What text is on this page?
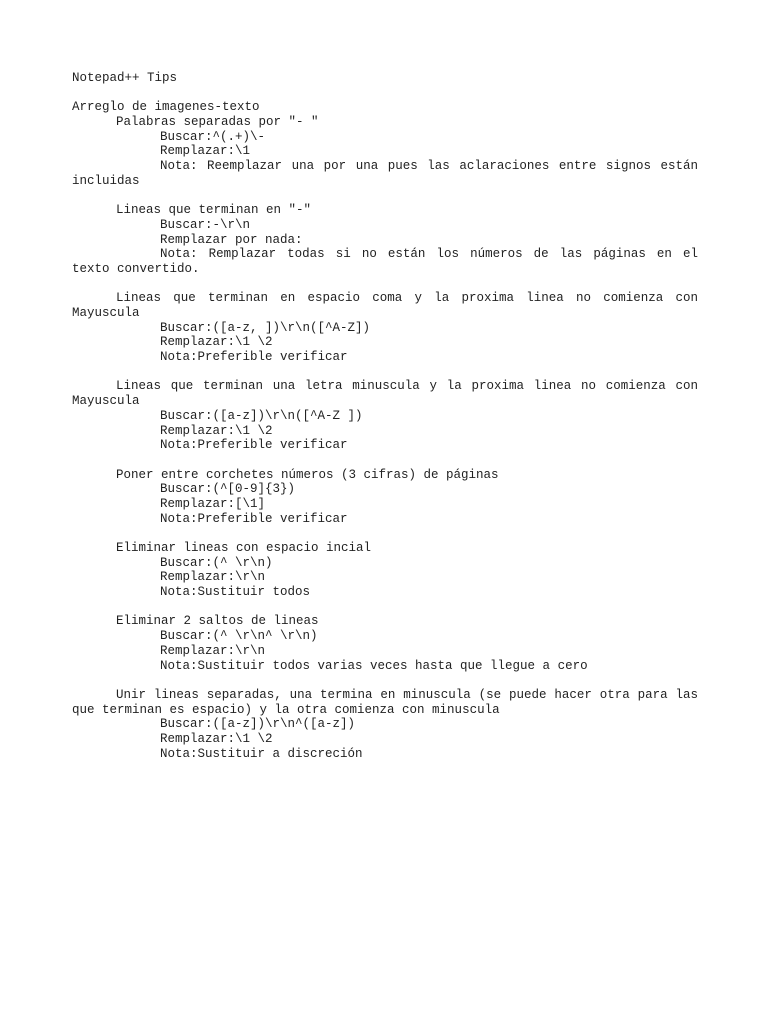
Notepad++ Tips
Arreglo de imagenes-texto
Palabras separadas por "- "
Buscar:^(.+)\-
Remplazar:\1
Nota: Reemplazar una por una pues las aclaraciones entre signos están
incluidas
Lineas que terminan en "-"
Buscar:-\r\n
Remplazar por nada:
Nota: Remplazar todas si no están los números de las páginas en el
texto convertido.
Lineas que terminan en espacio coma y la proxima linea no comienza con
Mayuscula
Buscar:([a-z, ])\r\n([^A-Z])
Remplazar:\1 \2
Nota:Preferible verificar
Lineas que terminan una letra minuscula y la proxima linea no comienza con
Mayuscula
Buscar:([a-z])\r\n([^A-Z ])
Remplazar:\1 \2
Nota:Preferible verificar
Poner entre corchetes números (3 cifras) de páginas
Buscar:(^[0-9]{3})
Remplazar:[\1]
Nota:Preferible verificar
Eliminar lineas con espacio incial
Buscar:(^ \r\n)
Remplazar:\r\n
Nota:Sustituir todos
Eliminar 2 saltos de lineas
Buscar:(^ \r\n^ \r\n)
Remplazar:\r\n
Nota:Sustituir todos varias veces hasta que llegue a cero
Unir lineas separadas, una termina en minuscula (se puede hacer otra para las
que terminan es espacio) y la otra comienza con minuscula
Buscar:([a-z])\r\n^([a-z])
Remplazar:\1 \2
Nota:Sustituir a discreción
